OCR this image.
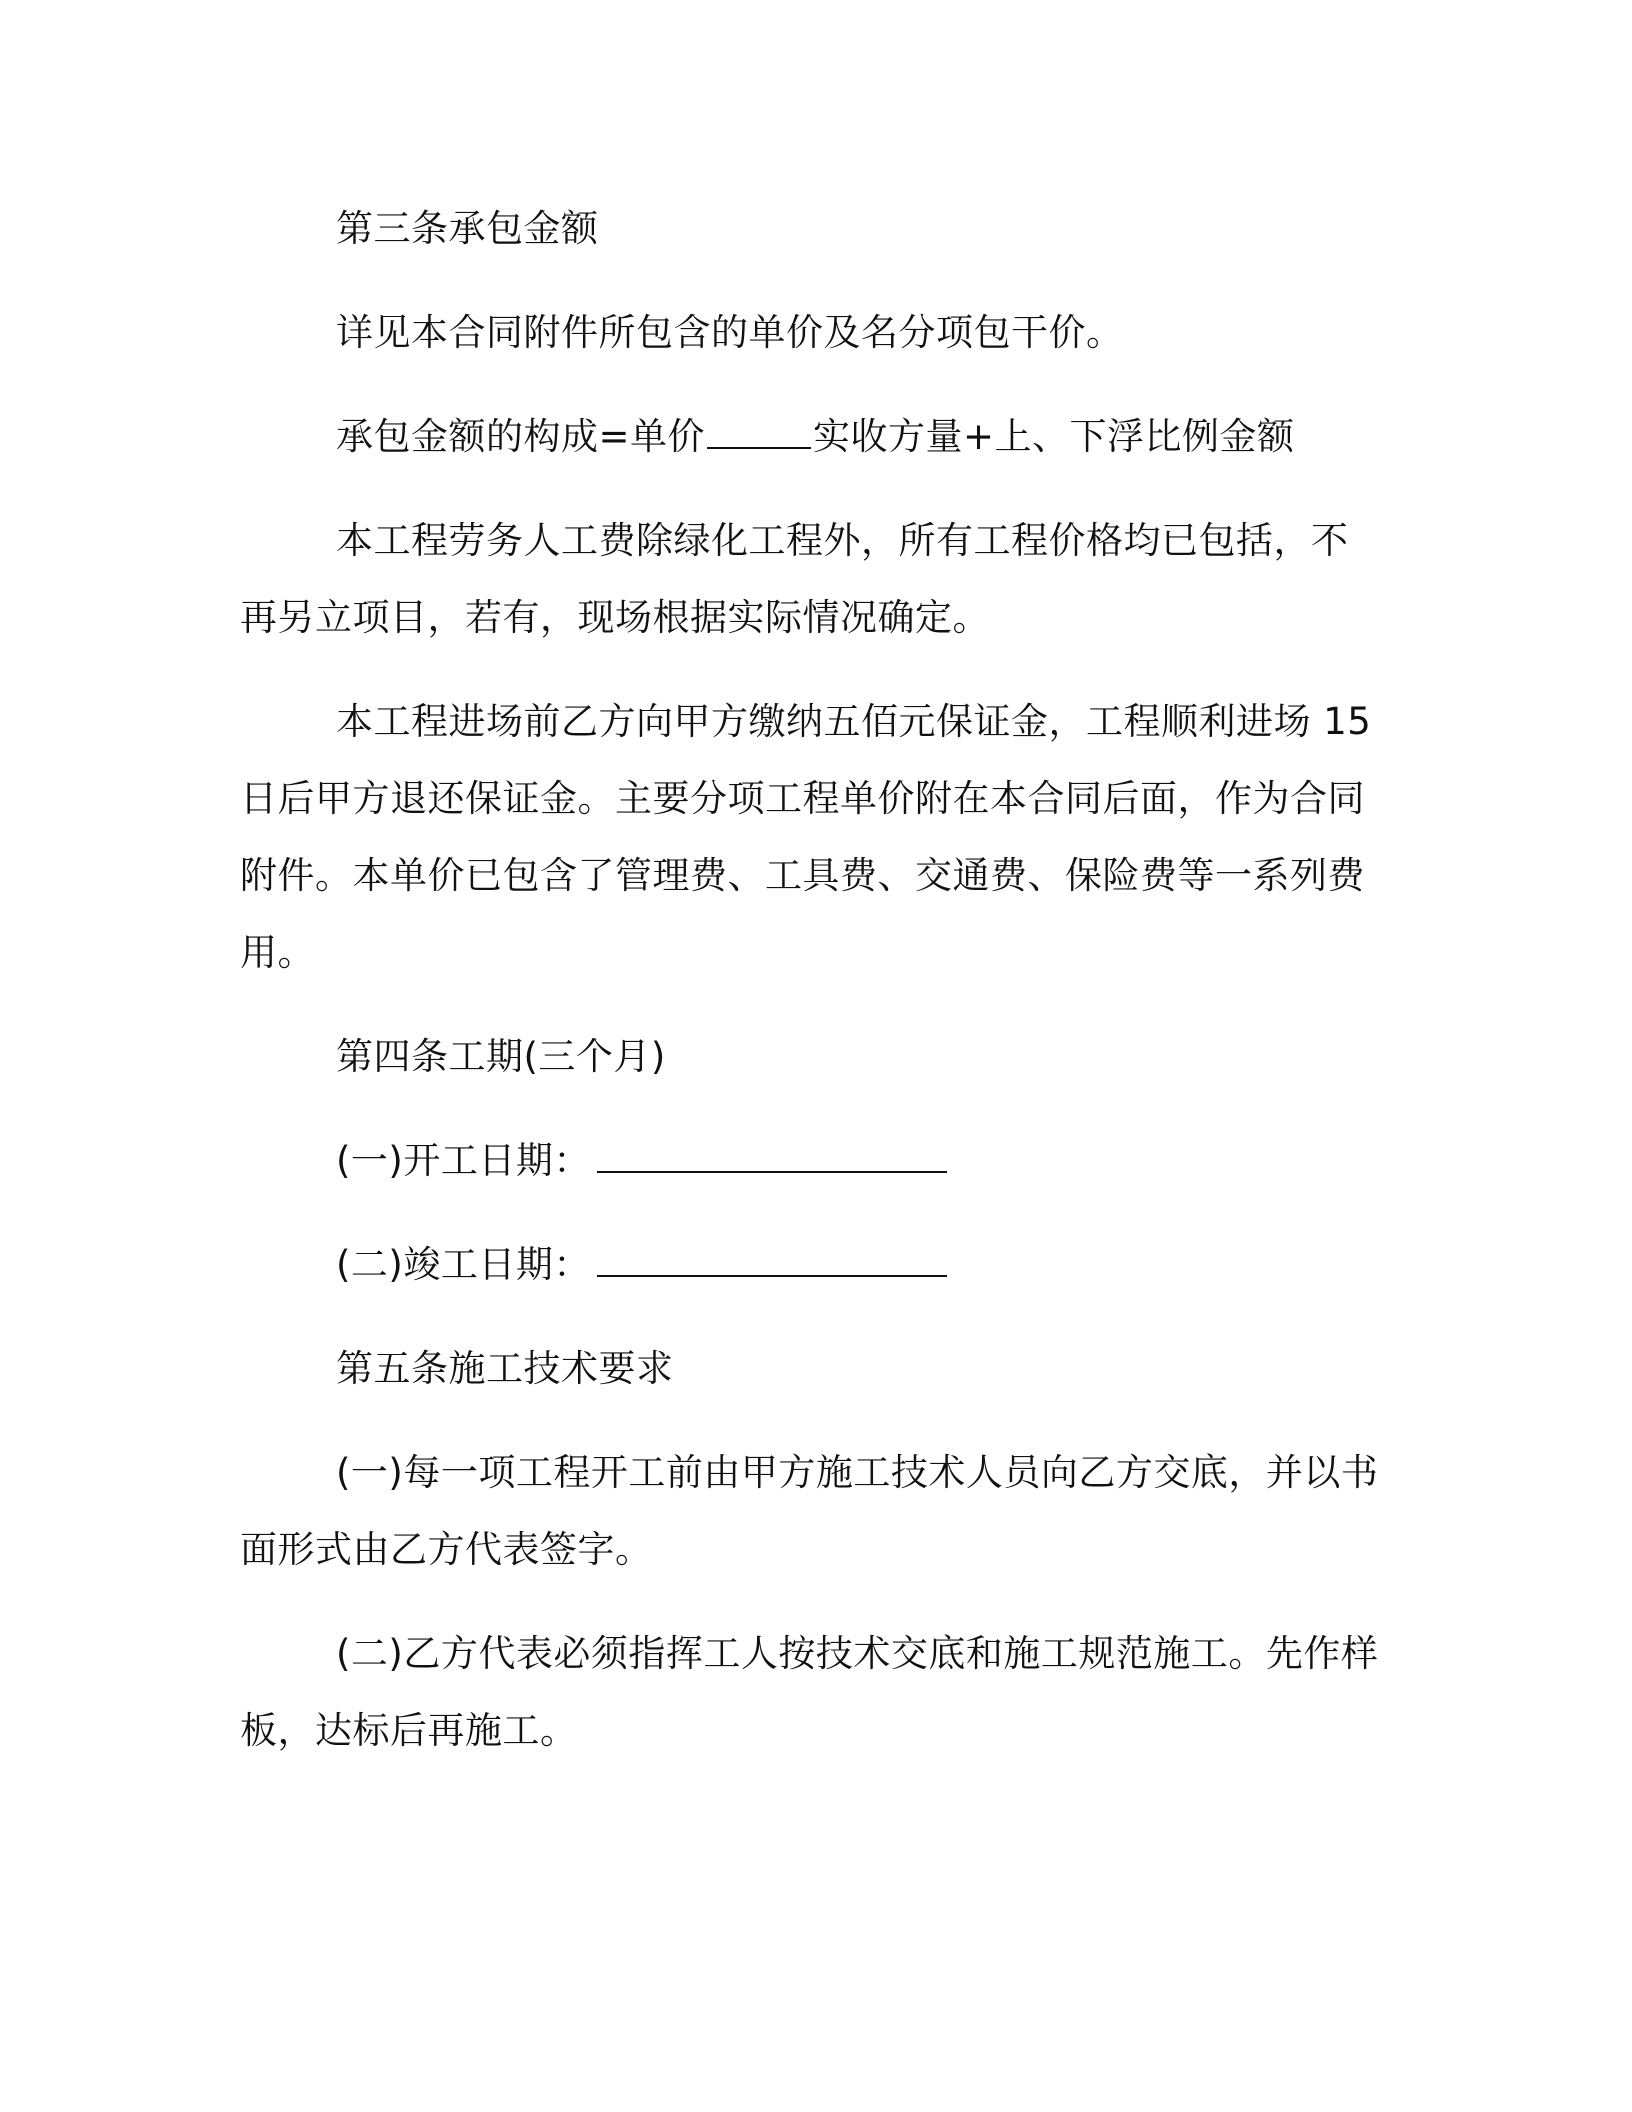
第三条承包金额

详见本合同附件所包含的单价及名分项包干价。

承包金额的构成=单价	实收方量+上、下浮比例金额

本工程劳务人工费除绿化工程外，所有工程价格均已包括，不再另立项目，若有，现场根据实际情况确定。

本工程进场前乙方向甲方缴纳五佰元保证金，工程顺利进场 15 日后甲方退还保证金。主要分项工程单价附在本合同后面，作为合同附件。本单价已包含了管理费、工具费、交通费、保险费等一系列费用。

第四条工期(三个月)

(一)开工日期：

(二)竣工日期：

第五条施工技术要求

(一)每一项工程开工前由甲方施工技术人员向乙方交底，并以书面形式由乙方代表签字。

(二)乙方代表必须指挥工人按技术交底和施工规范施工。先作样板，达标后再施工。
